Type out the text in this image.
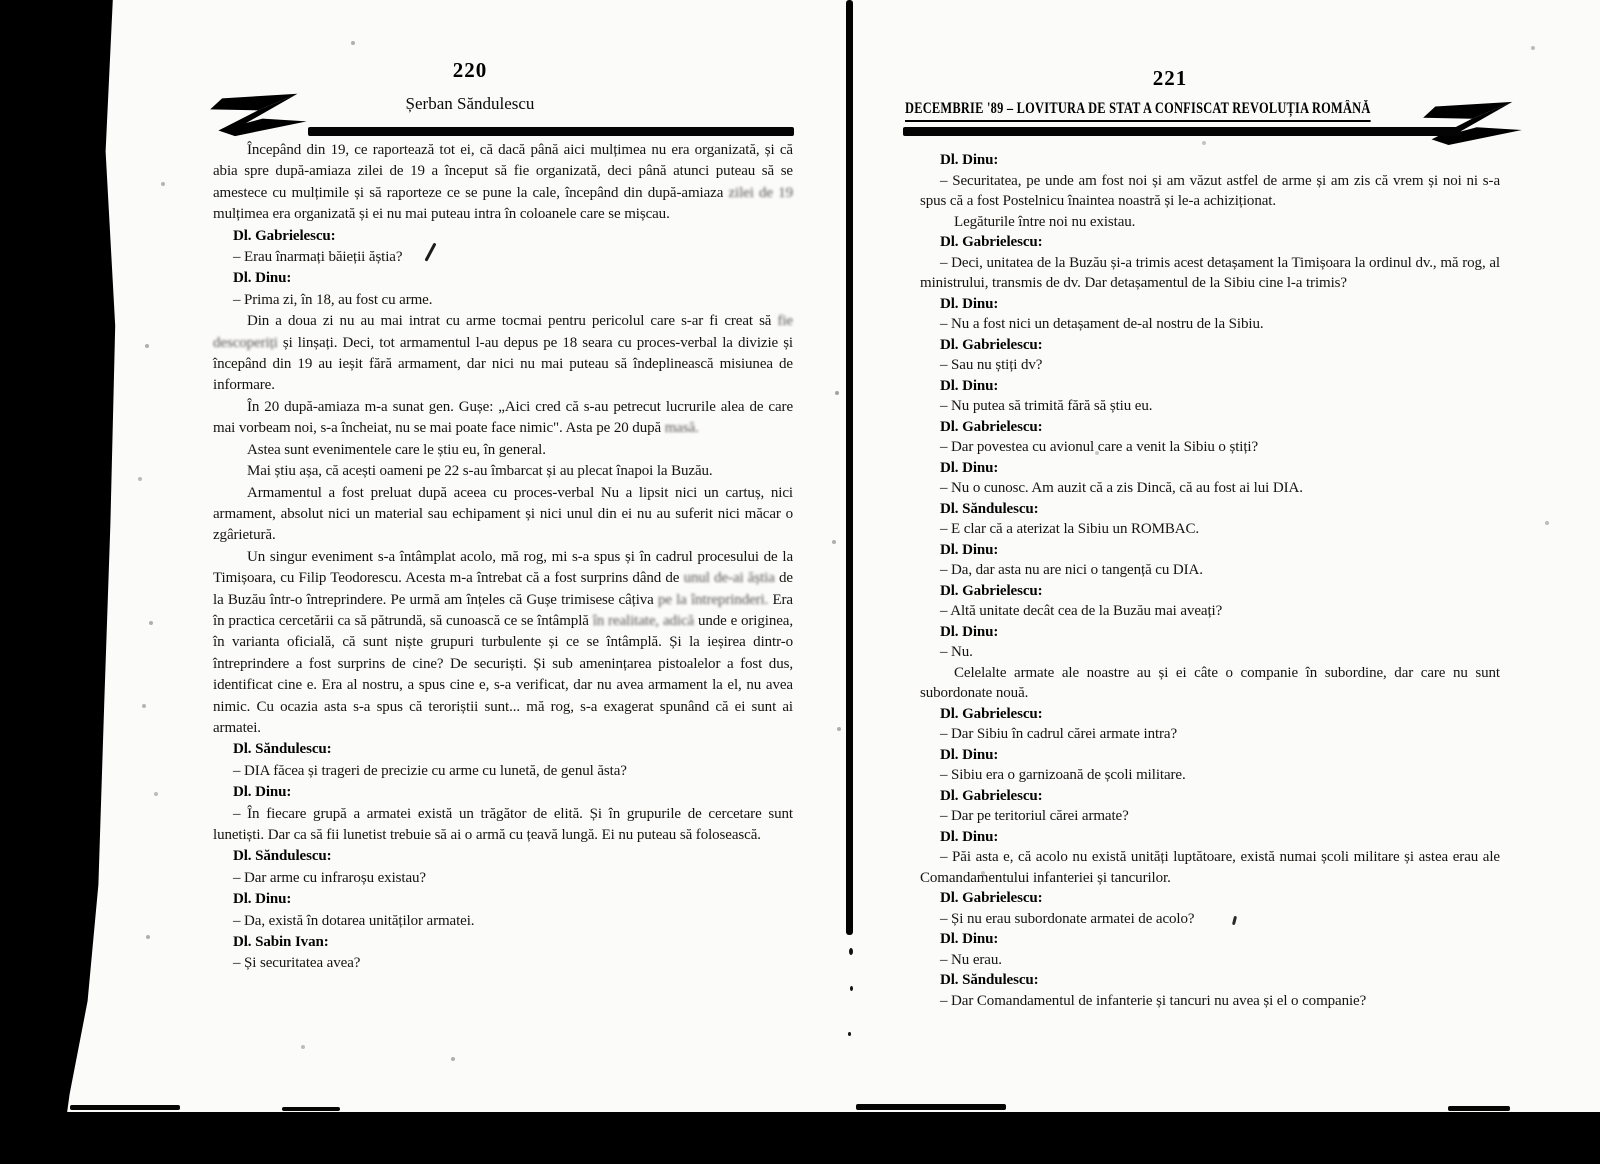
220
Șerban Săndulescu

Începând din 19, ce raportează tot ei, că dacă până aici mulțimea nu era organizată, și că abia spre după-amiaza zilei de 19 a început să fie organizată, deci până atunci puteau să se amestece cu mulțimile și să raporteze ce se pune la cale, începând din după-amiaza zilei de 19 mulțimea era organizată și ei nu mai puteau intra în coloanele care se mișcau.

Dl. Gabrielescu:

– Erau înarmați băieții ăștia?

Dl. Dinu:

– Prima zi, în 18, au fost cu arme.

Din a doua zi nu au mai intrat cu arme tocmai pentru pericolul care s-ar fi creat să fie descoperiți și linșați. Deci, tot armamentul l-au depus pe 18 seara cu proces-verbal la divizie și începând din 19 au ieșit fără armament, dar nici nu mai puteau să îndeplinească misiunea de informare.

În 20 după-amiaza m-a sunat gen. Gușe: „Aici cred că s-au petrecut lucrurile alea de care mai vorbeam noi, s-a încheiat, nu se mai poate face nimic". Asta pe 20 după masă.

Astea sunt evenimentele care le știu eu, în general.

Mai știu așa, că acești oameni pe 22 s-au îmbarcat și au plecat înapoi la Buzău.

Armamentul a fost preluat după aceea cu proces-verbal Nu a lipsit nici un cartuș, nici armament, absolut nici un material sau echipament și nici unul din ei nu au suferit nici măcar o zgârietură.

Un singur eveniment s-a întâmplat acolo, mă rog, mi s-a spus și în cadrul procesului de la Timișoara, cu Filip Teodorescu. Acesta m-a întrebat că a fost surprins dând de unul de-ai ăștia de la Buzău într-o întreprindere. Pe urmă am înțeles că Gușe trimisese câțiva pe la întreprinderi. Era în practica cercetării ca să pătrundă, să cunoască ce se întâmplă în realitate, adică unde e originea, în varianta oficială, că sunt niște grupuri turbulente și ce se întâmplă. Și la ieșirea dintr-o întreprindere a fost surprins de cine? De securiști. Și sub amenințarea pistoalelor a fost dus, identificat cine e. Era al nostru, a spus cine e, s-a verificat, dar nu avea armament la el, nu avea nimic. Cu ocazia asta s-a spus că teroriștii sunt... mă rog, s-a exagerat spunând că ei sunt ai armatei.

Dl. Săndulescu:

– DIA făcea și trageri de precizie cu arme cu lunetă, de genul ăsta?

Dl. Dinu:

– În fiecare grupă a armatei există un trăgător de elită. Și în grupurile de cercetare sunt lunetiști. Dar ca să fii lunetist trebuie să ai o armă cu țeavă lungă. Ei nu puteau să folosească.

Dl. Săndulescu:

– Dar arme cu infraroșu existau?

Dl. Dinu:

– Da, există în dotarea unităților armatei.

Dl. Sabin Ivan:

– Și securitatea avea?

221
DECEMBRIE '89 – LOVITURA DE STAT A CONFISCAT REVOLUȚIA ROMÂNĂ

Dl. Dinu:

– Securitatea, pe unde am fost noi și am văzut astfel de arme și am zis că vrem și noi ni s-a spus că a fost Postelnicu înaintea noastră și le-a achiziționat.

Legăturile între noi nu existau.

Dl. Gabrielescu:

– Deci, unitatea de la Buzău și-a trimis acest detașament la Timișoara la ordinul dv., mă rog, al ministrului, transmis de dv. Dar detașamentul de la Sibiu cine l-a trimis?

Dl. Dinu:

– Nu a fost nici un detașament de-al nostru de la Sibiu.

Dl. Gabrielescu:

– Sau nu știți dv?

Dl. Dinu:

– Nu putea să trimită fără să știu eu.

Dl. Gabrielescu:

– Dar povestea cu avionul care a venit la Sibiu o știți?

Dl. Dinu:

– Nu o cunosc. Am auzit că a zis Dincă, că au fost ai lui DIA.

Dl. Săndulescu:

– E clar că a aterizat la Sibiu un ROMBAC.

Dl. Dinu:

– Da, dar asta nu are nici o tangență cu DIA.

Dl. Gabrielescu:

– Altă unitate decât cea de la Buzău mai aveați?

Dl. Dinu:

– Nu.

Celelalte armate ale noastre au și ei câte o companie în subordine, dar care nu sunt subordonate nouă.

Dl. Gabrielescu:

– Dar Sibiu în cadrul cărei armate intra?

Dl. Dinu:

– Sibiu era o garnizoană de școli militare.

Dl. Gabrielescu:

– Dar pe teritoriul cărei armate?

Dl. Dinu:

– Păi asta e, că acolo nu există unități luptătoare, există numai școli militare și astea erau ale Comandamentului infanteriei și tancurilor.

Dl. Gabrielescu:

– Și nu erau subordonate armatei de acolo?

Dl. Dinu:

– Nu erau.

Dl. Săndulescu:

– Dar Comandamentul de infanterie și tancuri nu avea și el o companie?
